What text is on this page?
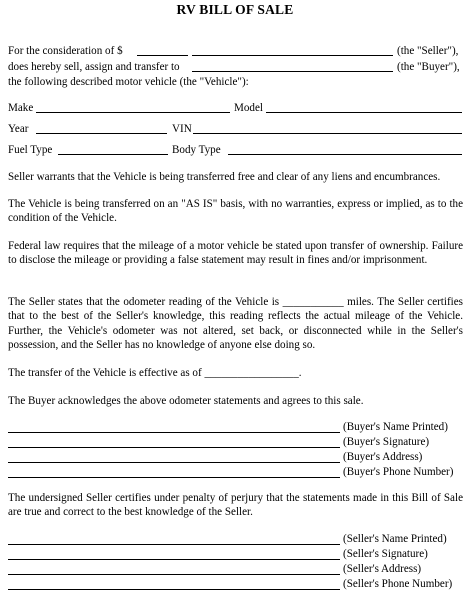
RV BILL OF SALE
For the consideration of $	(the "Seller"),
does hereby sell, assign and transfer to	(the "Buyer"),
the following described motor vehicle (the "Vehicle"):
Make	Model
Year	VIN
Fuel Type	Body Type
Seller warrants that the Vehicle is being transferred free and clear of any liens and encumbrances.
The Vehicle is being transferred on an "AS IS" basis, with no warranties, express or implied, as to the condition of the Vehicle.
Federal law requires that the mileage of a motor vehicle be stated upon transfer of ownership. Failure to disclose the mileage or providing a false statement may result in fines and/or imprisonment.
The Seller states that the odometer reading of the Vehicle is ___________ miles. The Seller certifies that to the best of the Seller's knowledge, this reading reflects the actual mileage of the Vehicle. Further, the Vehicle's odometer was not altered, set back, or disconnected while in the Seller's possession, and the Seller has no knowledge of anyone else doing so.
The transfer of the Vehicle is effective as of _________________.
The Buyer acknowledges the above odometer statements and agrees to this sale.
(Buyer's Name Printed)
(Buyer's Signature)
(Buyer's Address)
(Buyer's Phone Number)
The undersigned Seller certifies under penalty of perjury that the statements made in this Bill of Sale are true and correct to the best knowledge of the Seller.
(Seller's Name Printed)
(Seller's Signature)
(Seller's Address)
(Seller's Phone Number)
